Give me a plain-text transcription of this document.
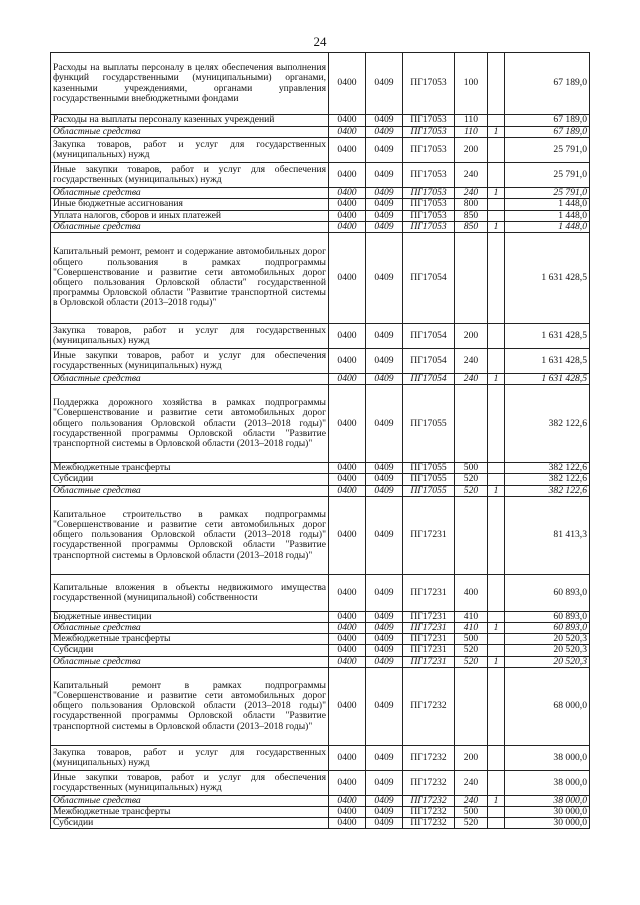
24
Расходы на выплаты персоналу в целях обеспечения выполнения функций государственными (муниципальными) органами, казенными учреждениями, органами управления государственными внебюджетными фондами	0400	0409	ПГ17053	100		67 189,0
Расходы на выплаты персоналу казенных учреждений	0400	0409	ПГ17053	110		67 189,0
Областные средства	0400	0409	ПГ17053	110	1	67 189,0
Закупка товаров, работ и услуг для государственных (муниципальных) нужд	0400	0409	ПГ17053	200		25 791,0
Иные закупки товаров, работ и услуг для обеспечения государственных (муниципальных) нужд	0400	0409	ПГ17053	240		25 791,0
Областные средства	0400	0409	ПГ17053	240	1	25 791,0
Иные бюджетные ассигнования	0400	0409	ПГ17053	800		1 448,0
Уплата налогов, сборов и иных платежей	0400	0409	ПГ17053	850		1 448,0
Областные средства	0400	0409	ПГ17053	850	1	1 448,0
Капитальный ремонт, ремонт и содержание автомобильных дорог общего пользования в рамках подпрограммы "Совершенствование и развитие сети автомобильных дорог общего пользования Орловской области" государственной программы Орловской области "Развитие транспортной системы в Орловской области (2013–2018 годы)"	0400	0409	ПГ17054			1 631 428,5
Закупка товаров, работ и услуг для государственных (муниципальных) нужд	0400	0409	ПГ17054	200		1 631 428,5
Иные закупки товаров, работ и услуг для обеспечения государственных (муниципальных) нужд	0400	0409	ПГ17054	240		1 631 428,5
Областные средства	0400	0409	ПГ17054	240	1	1 631 428,5
Поддержка дорожного хозяйства в рамках подпрограммы "Совершенствование и развитие сети автомобильных дорог общего пользования Орловской области (2013–2018 годы)" государственной программы Орловской области "Развитие транспортной системы в Орловской области (2013–2018 годы)"	0400	0409	ПГ17055			382 122,6
Межбюджетные трансферты	0400	0409	ПГ17055	500		382 122,6
Субсидии	0400	0409	ПГ17055	520		382 122,6
Областные средства	0400	0409	ПГ17055	520	1	382 122,6
Капитальное строительство в рамках подпрограммы "Совершенствование и развитие сети автомобильных дорог общего пользования Орловской области (2013–2018 годы)" государственной программы Орловской области "Развитие транспортной системы в Орловской области (2013–2018 годы)"	0400	0409	ПГ17231			81 413,3
Капитальные вложения в объекты недвижимого имущества государственной (муниципальной) собственности	0400	0409	ПГ17231	400		60 893,0
Бюджетные инвестиции	0400	0409	ПГ17231	410		60 893,0
Областные средства	0400	0409	ПГ17231	410	1	60 893,0
Межбюджетные трансферты	0400	0409	ПГ17231	500		20 520,3
Субсидии	0400	0409	ПГ17231	520		20 520,3
Областные средства	0400	0409	ПГ17231	520	1	20 520,3
Капитальный ремонт в рамках подпрограммы "Совершенствование и развитие сети автомобильных дорог общего пользования Орловской области (2013–2018 годы)" государственной программы Орловской области "Развитие транспортной системы в Орловской области (2013–2018 годы)"	0400	0409	ПГ17232			68 000,0
Закупка товаров, работ и услуг для государственных (муниципальных) нужд	0400	0409	ПГ17232	200		38 000,0
Иные закупки товаров, работ и услуг для обеспечения государственных (муниципальных) нужд	0400	0409	ПГ17232	240		38 000,0
Областные средства	0400	0409	ПГ17232	240	1	38 000,0
Межбюджетные трансферты	0400	0409	ПГ17232	500		30 000,0
Субсидии	0400	0409	ПГ17232	520		30 000,0
